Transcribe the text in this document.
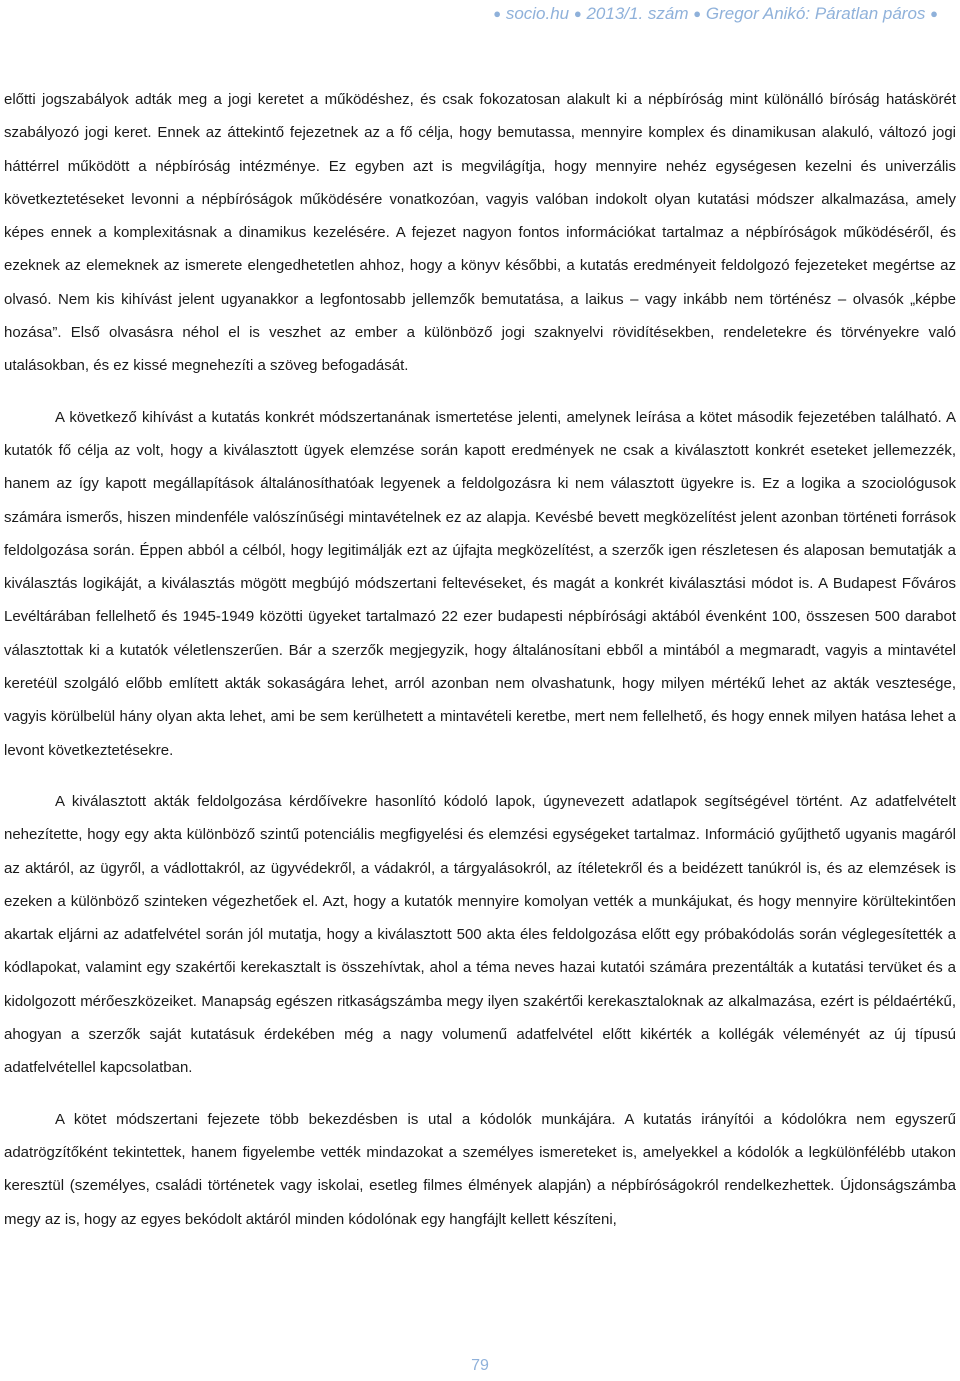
● socio.hu ● 2013/1. szám ● Gregor Anikó: Páratlan páros ●

előtti jogszabályok adták meg a jogi keretet a működéshez, és csak fokozatosan alakult ki a népbíróság mint különálló bíróság hatáskörét szabályozó jogi keret. Ennek az áttekintő fejezetnek az a fő célja, hogy bemutassa, mennyire komplex és dinamikusan alakuló, változó jogi háttérrel működött a népbíróság intézménye. Ez egyben azt is megvilágítja, hogy mennyire nehéz egységesen kezelni és univerzális következtetéseket levonni a népbíróságok működésére vonatkozóan, vagyis valóban indokolt olyan kutatási módszer alkalmazása, amely képes ennek a komplexitásnak a dinamikus kezelésére. A fejezet nagyon fontos információkat tartalmaz a népbíróságok működéséről, és ezeknek az elemeknek az ismerete elengedhetetlen ahhoz, hogy a könyv későbbi, a kutatás eredményeit feldolgozó fejezeteket megértse az olvasó. Nem kis kihívást jelent ugyanakkor a legfontosabb jellemzők bemutatása, a laikus – vagy inkább nem történész – olvasók „képbe hozása”. Első olvasásra néhol el is veszhet az ember a különböző jogi szaknyelvi rövidítésekben, rendeletekre és törvényekre való utalásokban, és ez kissé megnehezíti a szöveg befogadását.

A következő kihívást a kutatás konkrét módszertanának ismertetése jelenti, amelynek leírása a kötet második fejezetében található. A kutatók fő célja az volt, hogy a kiválasztott ügyek elemzése során kapott eredmények ne csak a kiválasztott konkrét eseteket jellemezzék, hanem az így kapott megállapítások általánosíthatóak legyenek a feldolgozásra ki nem választott ügyekre is. Ez a logika a szociológusok számára ismerős, hiszen mindenféle valószínűségi mintavételnek ez az alapja. Kevésbé bevett megközelítést jelent azonban történeti források feldolgozása során. Éppen abból a célból, hogy legitimálják ezt az újfajta megközelítést, a szerzők igen részletesen és alaposan bemutatják a kiválasztás logikáját, a kiválasztás mögött megbújó módszertani feltevéseket, és magát a konkrét kiválasztási módot is. A Budapest Főváros Levéltárában fellelhető és 1945-1949 közötti ügyeket tartalmazó 22 ezer budapesti népbírósági aktából évenként 100, összesen 500 darabot választottak ki a kutatók véletlenszerűen. Bár a szerzők megjegyzik, hogy általánosítani ebből a mintából a megmaradt, vagyis a mintavétel keretéül szolgáló előbb említett akták sokaságára lehet, arról azonban nem olvashatunk, hogy milyen mértékű lehet az akták vesztesége, vagyis körülbelül hány olyan akta lehet, ami be sem kerülhetett a mintavételi keretbe, mert nem fellelhető, és hogy ennek milyen hatása lehet a levont következtetésekre.

A kiválasztott akták feldolgozása kérdőívekre hasonlító kódoló lapok, úgynevezett adatlapok segítségével történt. Az adatfelvételt nehezítette, hogy egy akta különböző szintű potenciális megfigyelési és elemzési egységeket tartalmaz. Információ gyűjthető ugyanis magáról az aktáról, az ügyről, a vádlottakról, az ügyvédekről, a vádakról, a tárgyalásokról, az ítéletekről és a beidézett tanúkról is, és az elemzések is ezeken a különböző szinteken végezhetőek el. Azt, hogy a kutatók mennyire komolyan vették a munkájukat, és hogy mennyire körültekintően akartak eljárni az adatfelvétel során jól mutatja, hogy a kiválasztott 500 akta éles feldolgozása előtt egy próbakódolás során véglegesítették a kódlapokat, valamint egy szakértői kerekasztalt is összehívtak, ahol a téma neves hazai kutatói számára prezentálták a kutatási tervüket és a kidolgozott mérőeszközeiket. Manapság egészen ritkaságszámba megy ilyen szakértői kerekasztaloknak az alkalmazása, ezért is példaértékű, ahogyan a szerzők saját kutatásuk érdekében még a nagy volumenű adatfelvétel előtt kikérték a kollégák véleményét az új típusú adatfelvétellel kapcsolatban.

A kötet módszertani fejezete több bekezdésben is utal a kódolók munkájára. A kutatás irányítói a kódolókra nem egyszerű adatrögzítőként tekintettek, hanem figyelembe vették mindazokat a személyes ismereteket is, amelyekkel a kódolók a legkülönfélébb utakon keresztül (személyes, családi történetek vagy iskolai, esetleg filmes élmények alapján) a népbíróságokról rendelkezhettek. Újdonságszámba megy az is, hogy az egyes bekódolt aktáról minden kódolónak egy hangfájlt kellett készíteni,

79
